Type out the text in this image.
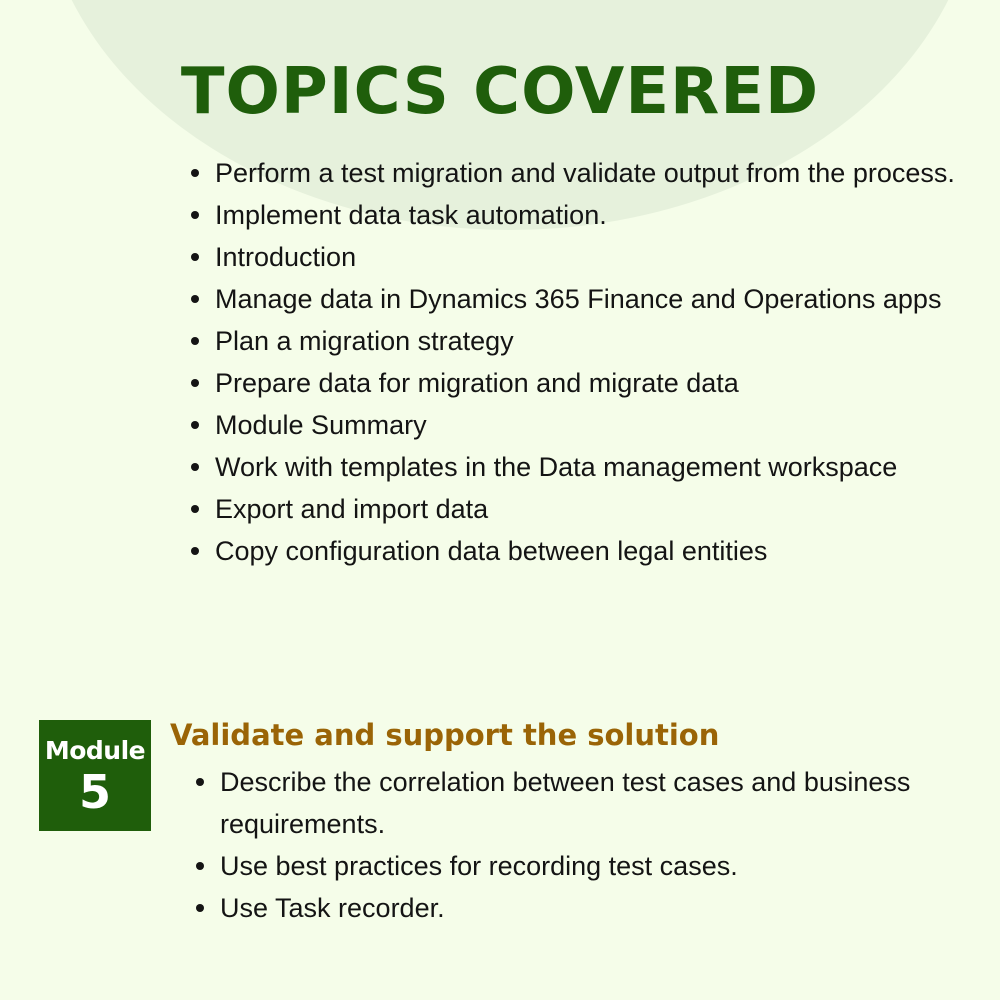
TOPICS COVERED
Perform a test migration and validate output from the process.
Implement data task automation.
Introduction
Manage data in Dynamics 365 Finance and Operations apps
Plan a migration strategy
Prepare data for migration and migrate data
Module Summary
Work with templates in the Data management workspace
Export and import data
Copy configuration data between legal entities
Module
5
Validate and support the solution
Describe the correlation between test cases and business requirements.
Use best practices for recording test cases.
Use Task recorder.
